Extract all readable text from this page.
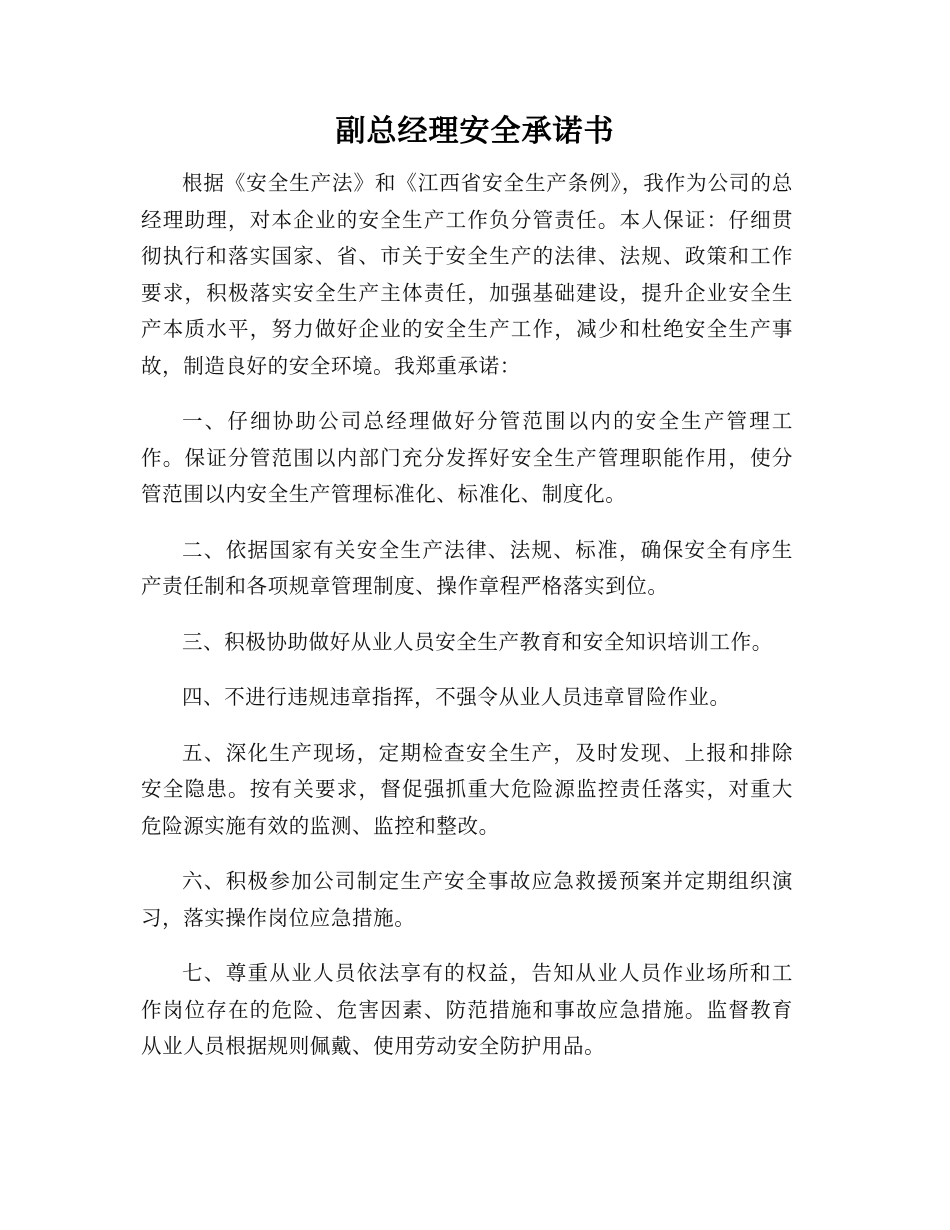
副总经理安全承诺书

根据《安全生产法》和《江西省安全生产条例》，我作为公司的总经理助理，对本企业的安全生产工作负分管责任。本人保证：仔细贯彻执行和落实国家、省、市关于安全生产的法律、法规、政策和工作要求，积极落实安全生产主体责任，加强基础建设，提升企业安全生产本质水平，努力做好企业的安全生产工作，减少和杜绝安全生产事故，制造良好的安全环境。我郑重承诺：

一、仔细协助公司总经理做好分管范围以内的安全生产管理工作。保证分管范围以内部门充分发挥好安全生产管理职能作用，使分管范围以内安全生产管理标准化、标准化、制度化。

二、依据国家有关安全生产法律、法规、标准，确保安全有序生产责任制和各项规章管理制度、操作章程严格落实到位。

三、积极协助做好从业人员安全生产教育和安全知识培训工作。

四、不进行违规违章指挥，不强令从业人员违章冒险作业。

五、深化生产现场，定期检查安全生产，及时发现、上报和排除安全隐患。按有关要求，督促强抓重大危险源监控责任落实，对重大危险源实施有效的监测、监控和整改。

六、积极参加公司制定生产安全事故应急救援预案并定期组织演习，落实操作岗位应急措施。

七、尊重从业人员依法享有的权益，告知从业人员作业场所和工作岗位存在的危险、危害因素、防范措施和事故应急措施。监督教育从业人员根据规则佩戴、使用劳动安全防护用品。
